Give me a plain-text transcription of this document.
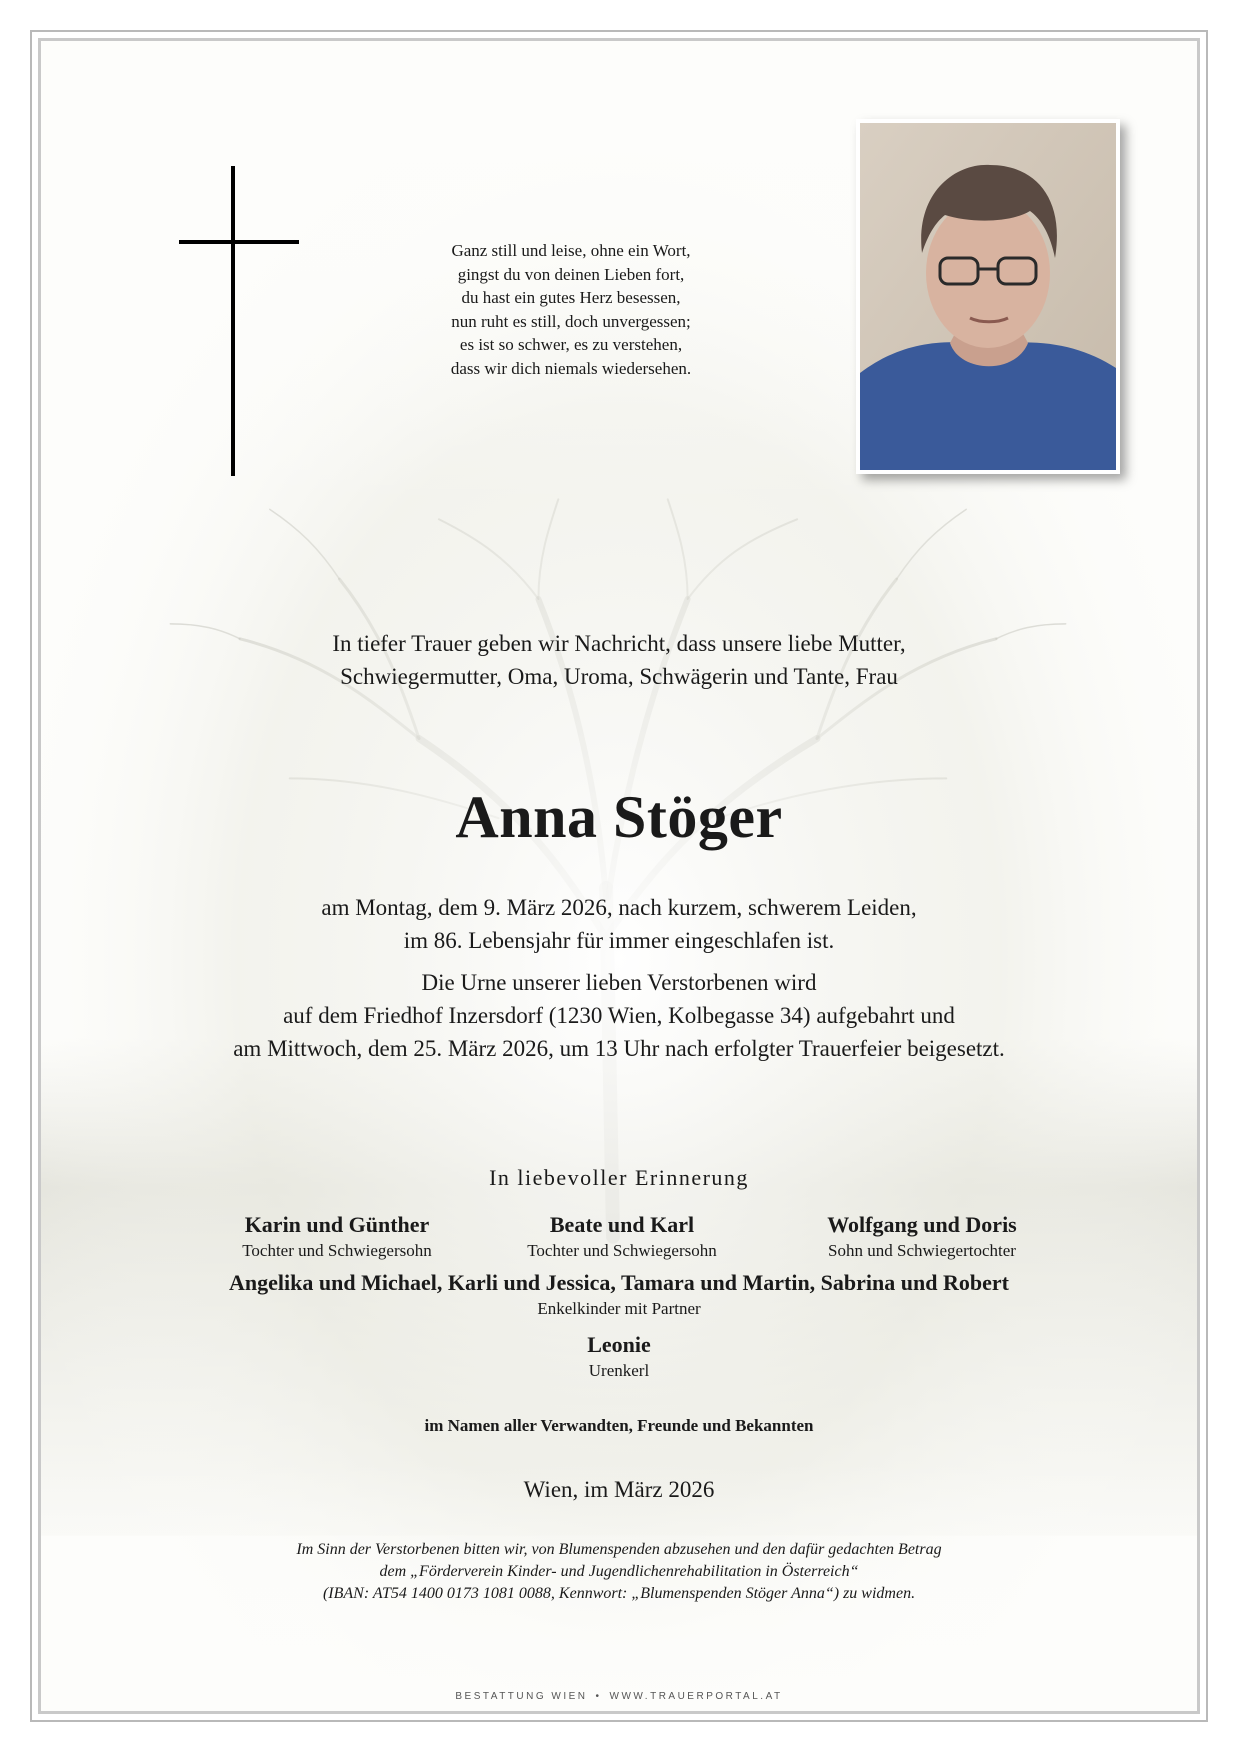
Ganz still und leise, ohne ein Wort,
gingst du von deinen Lieben fort,
du hast ein gutes Herz besessen,
nun ruht es still, doch unvergessen;
es ist so schwer, es zu verstehen,
dass wir dich niemals wiedersehen.
In tiefer Trauer geben wir Nachricht, dass unsere liebe Mutter,
Schwiegermutter, Oma, Uroma, Schwägerin und Tante, Frau
Anna Stöger
am Montag, dem 9. März 2026, nach kurzem, schwerem Leiden,
im 86. Lebensjahr für immer eingeschlafen ist.
Die Urne unserer lieben Verstorbenen wird
auf dem Friedhof Inzersdorf (1230 Wien, Kolbegasse 34) aufgebahrt und
am Mittwoch, dem 25. März 2026, um 13 Uhr nach erfolgter Trauerfeier beigesetzt.
In liebevoller Erinnerung
Karin und Günther
Tochter und Schwiegersohn
Beate und Karl
Tochter und Schwiegersohn
Wolfgang und Doris
Sohn und Schwiegertochter
Angelika und Michael, Karli und Jessica, Tamara und Martin, Sabrina und Robert
Enkelkinder mit Partner
Leonie
Urenkerl
im Namen aller Verwandten, Freunde und Bekannten
Wien, im März 2026
Im Sinn der Verstorbenen bitten wir, von Blumenspenden abzusehen und den dafür gedachten Betrag
dem „Förderverein Kinder- und Jugendlichenrehabilitation in Österreich“
(IBAN: AT54 1400 0173 1081 0088, Kennwort: „Blumenspenden Stöger Anna“) zu widmen.
BESTATTUNG WIEN • WWW.TRAUERPORTAL.AT
